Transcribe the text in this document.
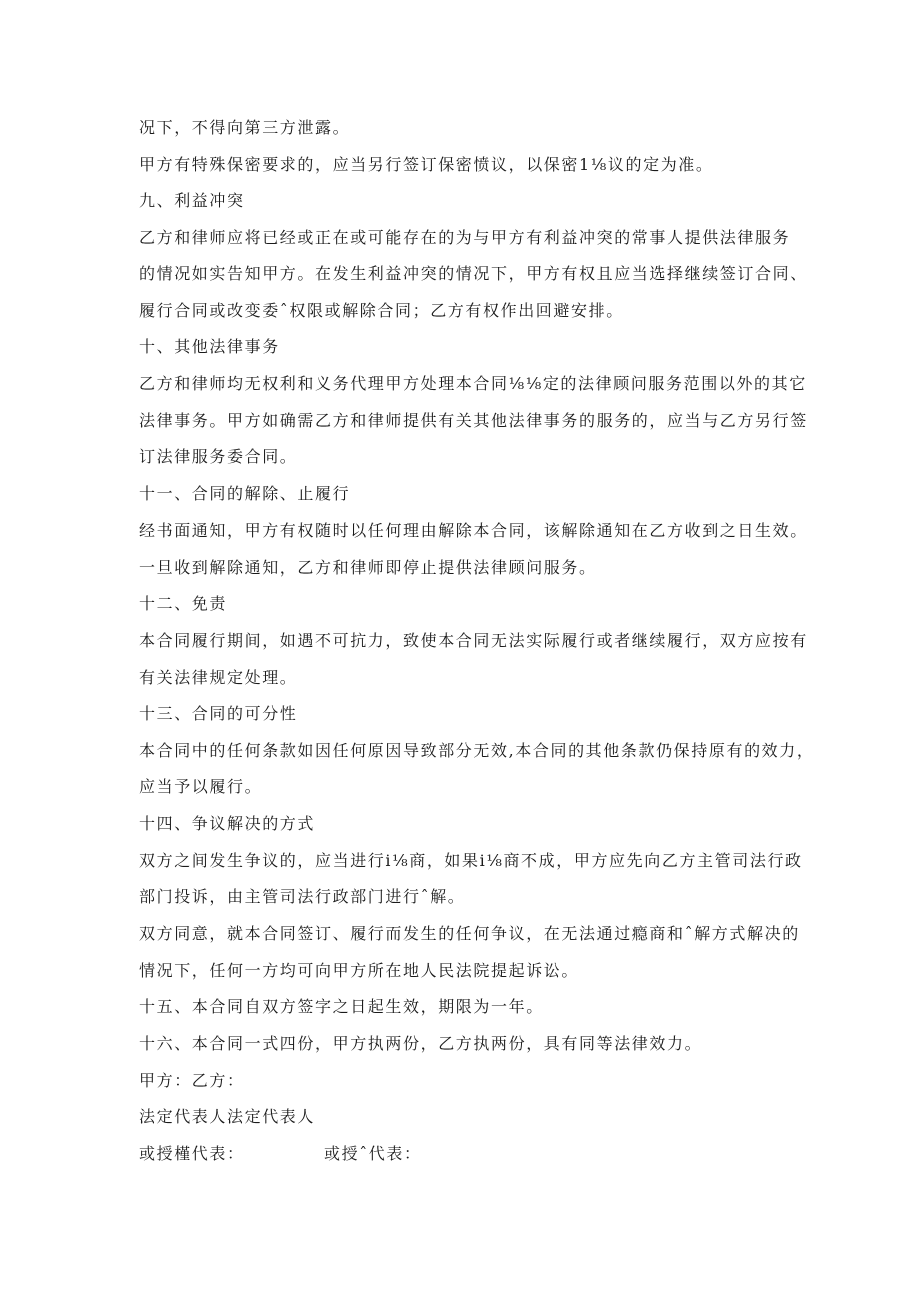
况下，不得向第三方泄露。
甲方有特殊保密要求的，应当另行签订保密愤议，以保密1⅛议的定为准。
九、利益冲突
乙方和律师应将已经或正在或可能存在的为与甲方有利益冲突的常事人提供法律服务
的情况如实告知甲方。在发生利益冲突的情况下，甲方有权且应当选择继续签订合同、
履行合同或改变委ˆ权限或解除合同；乙方有权作出回避安排。
十、其他法律事务
乙方和律师均无权利和义务代理甲方处理本合同⅛⅛定的法律顾问服务范围以外的其它
法律事务。甲方如确需乙方和律师提供有关其他法律事务的服务的，应当与乙方另行签
订法律服务委合同。
十一、合同的解除、止履行
经书面通知，甲方有权随时以任何理由解除本合同，该解除通知在乙方收到之日生效。
一旦收到解除通知，乙方和律师即停止提供法律顾问服务。
十二、免责
本合同履行期间，如遇不可抗力，致使本合同无法实际履行或者继续履行，双方应按有
有关法律规定处理。
十三、合同的可分性
本合同中的任何条款如因任何原因导致部分无效,本合同的其他条款仍保持原有的效力，
应当予以履行。
十四、争议解决的方式
双方之间发生争议的，应当进行i⅛商，如果i⅛商不成，甲方应先向乙方主管司法行政
部门投诉，由主管司法行政部门进行ˆ解。
双方同意，就本合同签订、履行而发生的任何争议，在无法通过瘾商和ˆ解方式解决的
情况下，任何一方均可向甲方所在地人民法院提起诉讼。
十五、本合同自双方签字之日起生效，期限为一年。
十六、本合同一式四份，甲方执两份，乙方执两份，具有同等法律效力。
甲方：乙方：
法定代表人法定代表人
或授槿代表：	或授ˆ代表：
